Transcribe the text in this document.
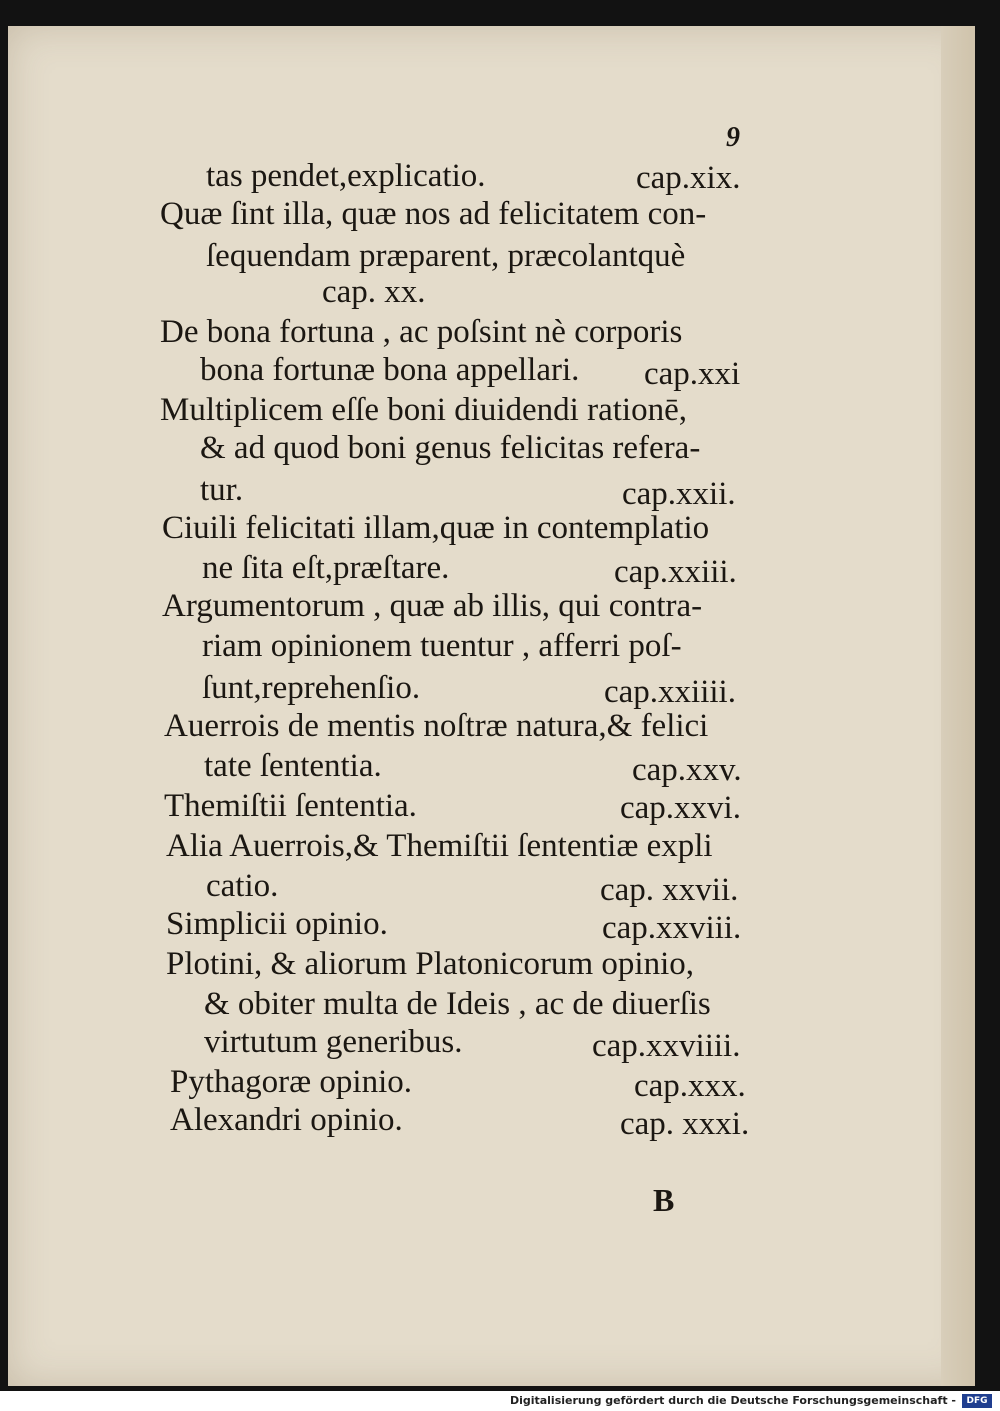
9
tas pendet,explicatio.	cap.xix.
Quæ ſint illa, quæ nos ad felicitatem con-
ſequendam præparent, præcolantquè
cap. xx.
De bona fortuna , ac poſsint nè corporis
bona fortunæ bona appellari. cap.xxi
Multiplicem eſſe boni diuidendi rationē,
& ad quod boni genus felicitas refera-
tur.	cap.xxii.
Ciuili felicitati illam,quæ in contemplatio
ne ſita eſt,præſtare.	cap.xxiii.
Argumentorum , quæ ab illis, qui contra-
riam opinionem tuentur , afferri poſ-
ſunt,reprehenſio.	cap.xxiiii.
Auerrois de mentis noſtræ natura,& felici
tate ſententia.	cap.xxv.
Themiſtii ſententia.	cap.xxvi.
Alia Auerrois,& Themiſtii ſententiæ expli
catio.	cap. xxvii.
Simplicii opinio.	cap.xxviii.
Plotini, & aliorum Platonicorum opinio,
& obiter multa de Ideis , ac de diuerſis
virtutum generibus.	cap.xxviiii.
Pythagoræ opinio.	cap.xxx.
Alexandri opinio.	cap. xxxi.
B
Digitalisierung gefördert durch die Deutsche Forschungsgemeinschaft -	DFG
